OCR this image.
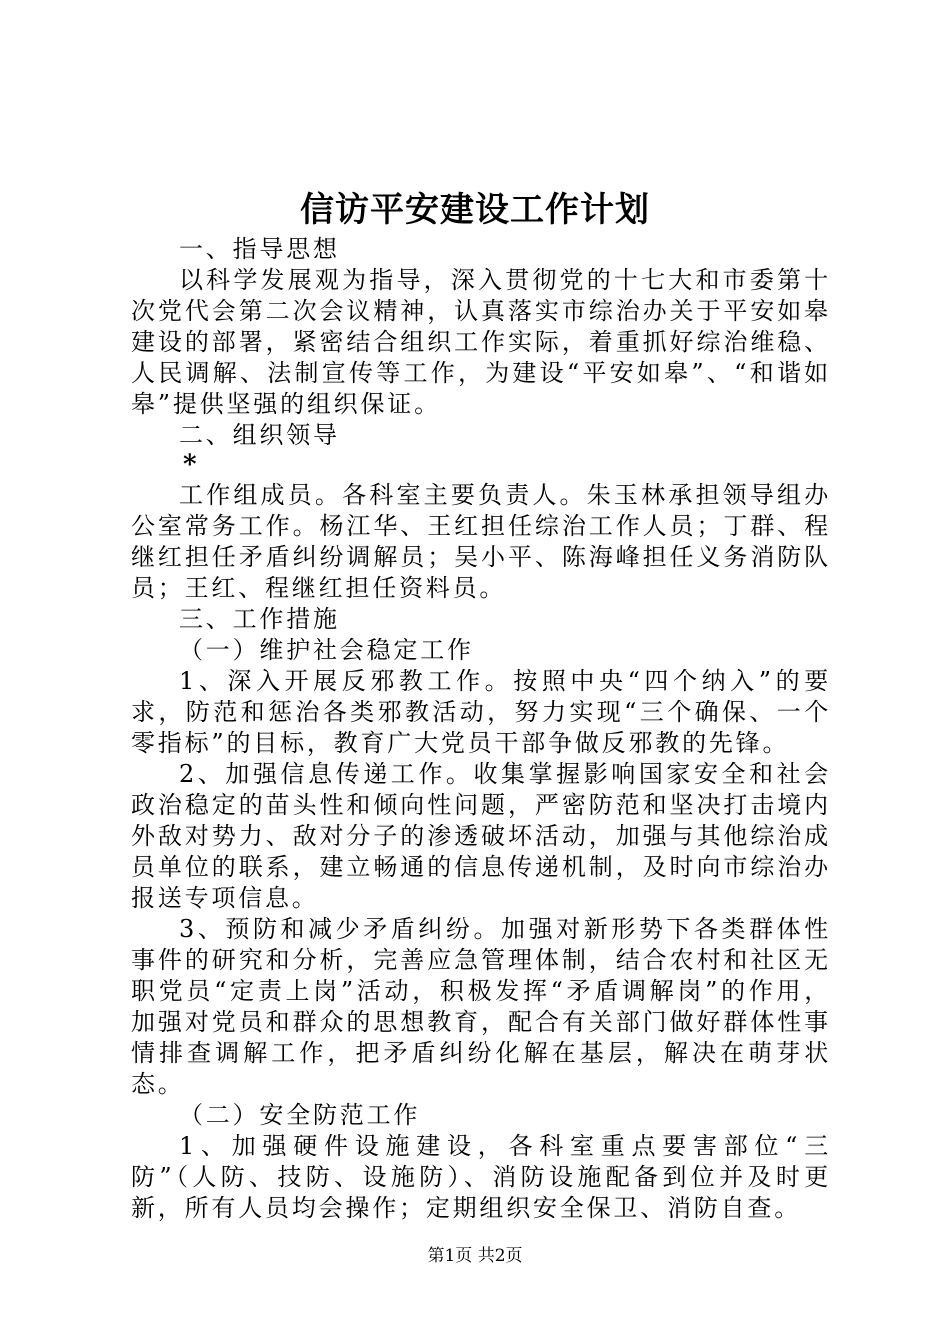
信访平安建设工作计划

一、指导思想

以科学发展观为指导，深入贯彻党的十七大和市委第十次党代会第二次会议精神，认真落实市综治办关于平安如皋建设的部署，紧密结合组织工作实际，着重抓好综治维稳、人民调解、法制宣传等工作，为建设“平安如皋”、“和谐如皋”提供坚强的组织保证。

二、组织领导

*

工作组成员。各科室主要负责人。朱玉林承担领导组办公室常务工作。杨江华、王红担任综治工作人员；丁群、程继红担任矛盾纠纷调解员；吴小平、陈海峰担任义务消防队员；王红、程继红担任资料员。

三、工作措施

（一）维护社会稳定工作

1、深入开展反邪教工作。按照中央“四个纳入”的要求，防范和惩治各类邪教活动，努力实现“三个确保、一个零指标”的目标，教育广大党员干部争做反邪教的先锋。

2、加强信息传递工作。收集掌握影响国家安全和社会政治稳定的苗头性和倾向性问题，严密防范和坚决打击境内外敌对势力、敌对分子的渗透破坏活动，加强与其他综治成员单位的联系，建立畅通的信息传递机制，及时向市综治办报送专项信息。

3、预防和减少矛盾纠纷。加强对新形势下各类群体性事件的研究和分析，完善应急管理体制，结合农村和社区无职党员“定责上岗”活动，积极发挥“矛盾调解岗”的作用，加强对党员和群众的思想教育，配合有关部门做好群体性事情排查调解工作，把矛盾纠纷化解在基层，解决在萌芽状态。

（二）安全防范工作

1、加强硬件设施建设，各科室重点要害部位“三防”（人防、技防、设施防）、消防设施配备到位并及时更新，所有人员均会操作；定期组织安全保卫、消防自查。

第1页 共2页
